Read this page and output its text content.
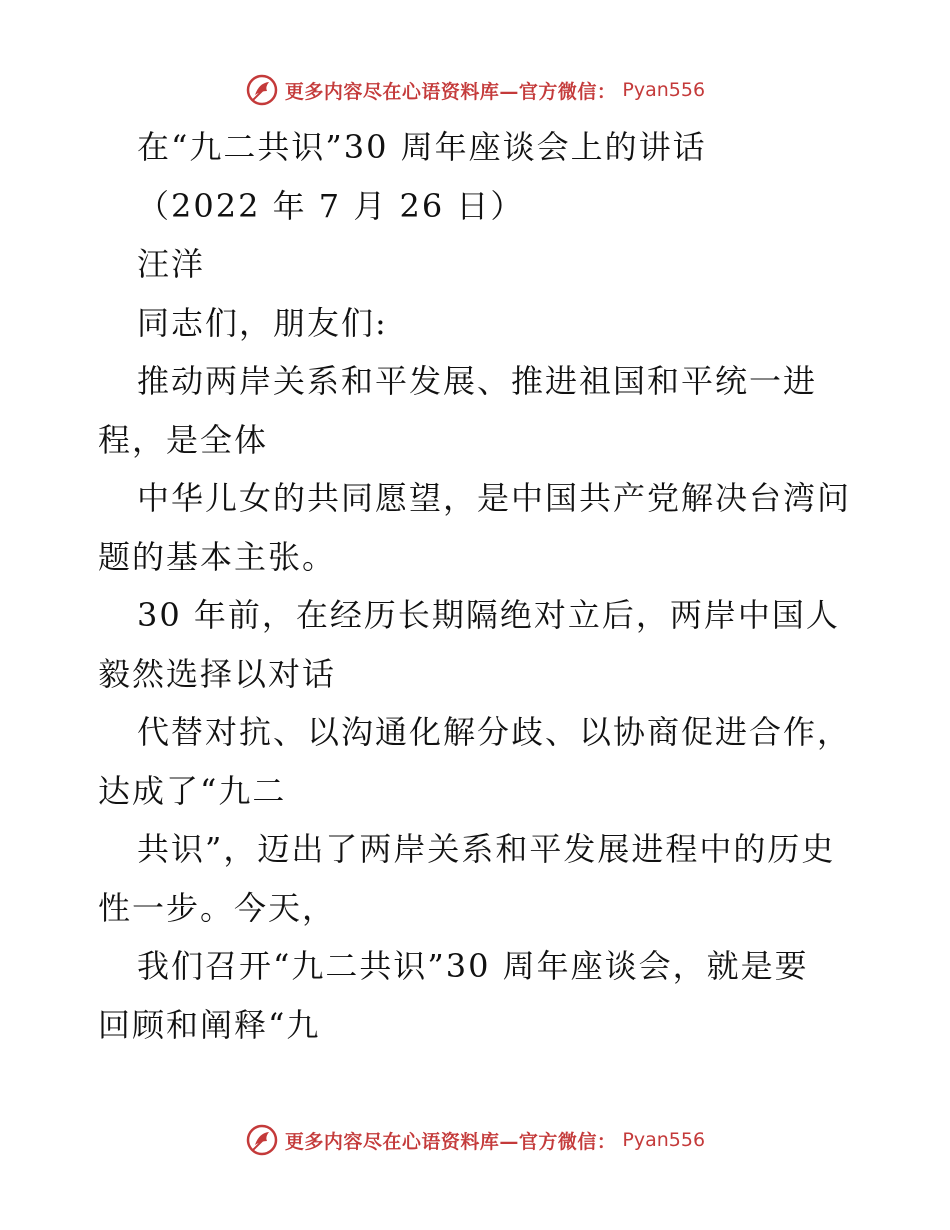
更多内容尽在心语资料库—官方微信： Pyan556
在“九二共识”30 周年座谈会上的讲话
（2022 年 7 月 26 日）
汪洋
同志们，朋友们:
推动两岸关系和平发展、推进祖国和平统一进
程，是全体
中华儿女的共同愿望，是中国共产党解决台湾问
题的基本主张。
30 年前，在经历长期隔绝对立后，两岸中国人
毅然选择以对话
代替对抗、以沟通化解分歧、以协商促进合作，
达成了“九二
共识”，迈出了两岸关系和平发展进程中的历史
性一步。今天，
我们召开“九二共识”30 周年座谈会，就是要
回顾和阐释“九
更多内容尽在心语资料库—官方微信： Pyan556
